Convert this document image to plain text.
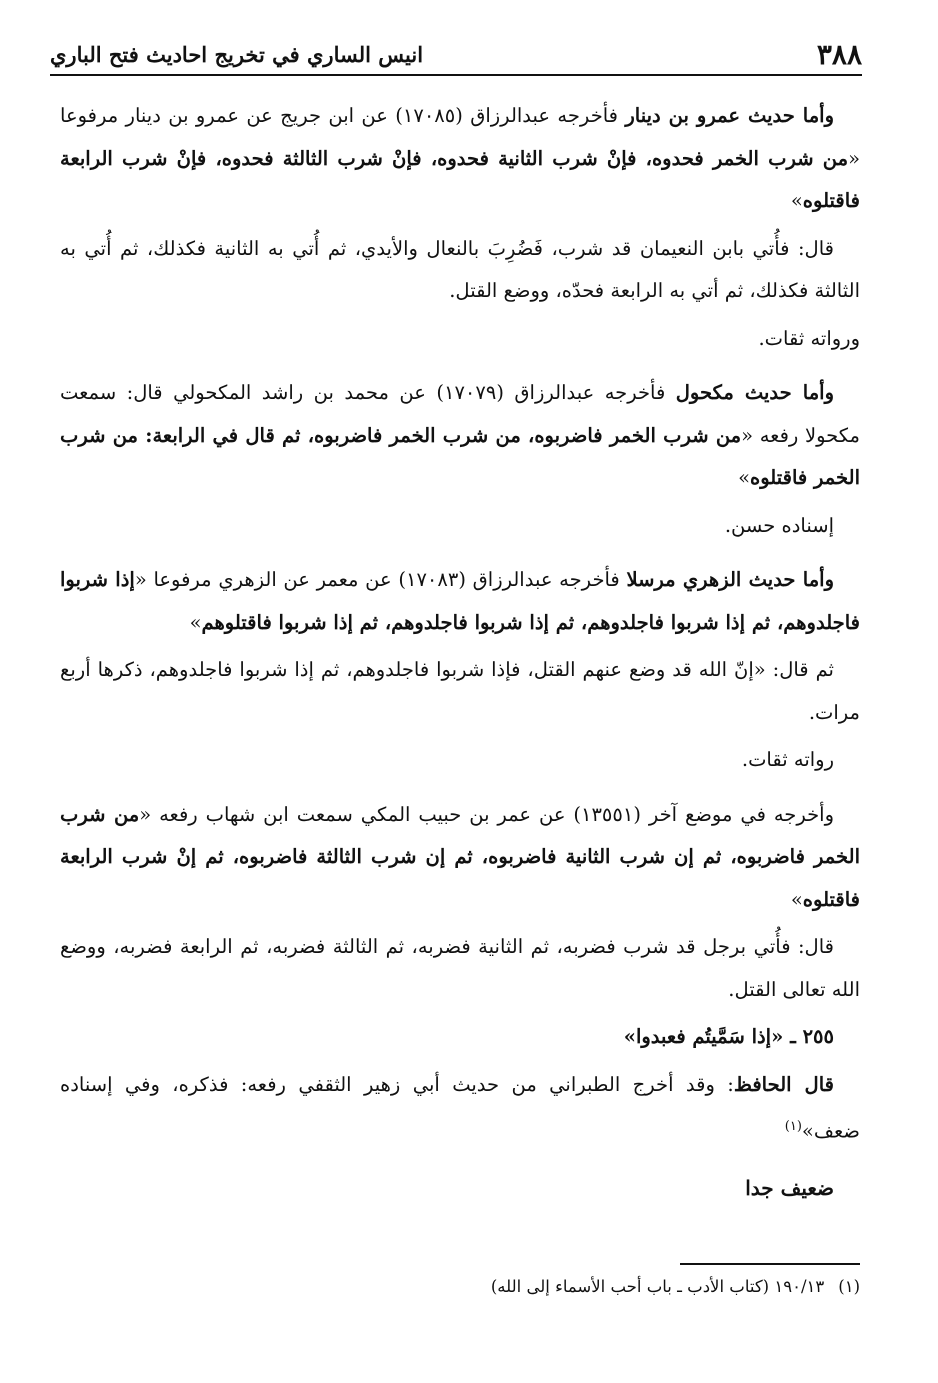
٣٨٨
انيس الساري في تخريج احاديث فتح الباري

وأما حديث عمرو بن دينار فأخرجه عبدالرزاق (١٧٠٨٥) عن ابن جريج عن عمرو بن دينار مرفوعا «من شرب الخمر فحدوه، فإنْ شرب الثانية فحدوه، فإنْ شرب الثالثة فحدوه، فإنْ شرب الرابعة فاقتلوه»

قال: فأُتي بابن النعيمان قد شرب، فَضُرِبَ بالنعال والأيدي، ثم أُتي به الثانية فكذلك، ثم أُتي به الثالثة فكذلك، ثم أتي به الرابعة فحدّه، ووضع القتل.

ورواته ثقات.

وأما حديث مكحول فأخرجه عبدالرزاق (١٧٠٧٩) عن محمد بن راشد المكحولي قال: سمعت مكحولا رفعه «من شرب الخمر فاضربوه، من شرب الخمر فاضربوه، ثم قال في الرابعة: من شرب الخمر فاقتلوه»

إسناده حسن.

وأما حديث الزهري مرسلا فأخرجه عبدالرزاق (١٧٠٨٣) عن معمر عن الزهري مرفوعا «إذا شربوا فاجلدوهم، ثم إذا شربوا فاجلدوهم، ثم إذا شربوا فاجلدوهم، ثم إذا شربوا فاقتلوهم»

ثم قال: «إنّ الله قد وضع عنهم القتل، فإذا شربوا فاجلدوهم، ثم إذا شربوا فاجلدوهم، ذكرها أربع مرات.

رواته ثقات.

وأخرجه في موضع آخر (١٣٥٥١) عن عمر بن حبيب المكي سمعت ابن شهاب رفعه «من شرب الخمر فاضربوه، ثم إن شرب الثانية فاضربوه، ثم إن شرب الثالثة فاضربوه، ثم إنْ شرب الرابعة فاقتلوه»

قال: فأُتي برجل قد شرب فضربه، ثم الثانية فضربه، ثم الثالثة فضربه، ثم الرابعة فضربه، ووضع الله تعالى القتل.

٢٥٥ ـ «إذا سَمَّيتُم فعبدوا»

قال الحافظ: وقد أخرج الطبراني من حديث أبي زهير الثقفي رفعه: فذكره، وفي إسناده ضعف»$^{(١)}$

ضعيف جدا

(١)١٩٠/١٣ (كتاب الأدب ـ باب أحب الأسماء إلى الله)
